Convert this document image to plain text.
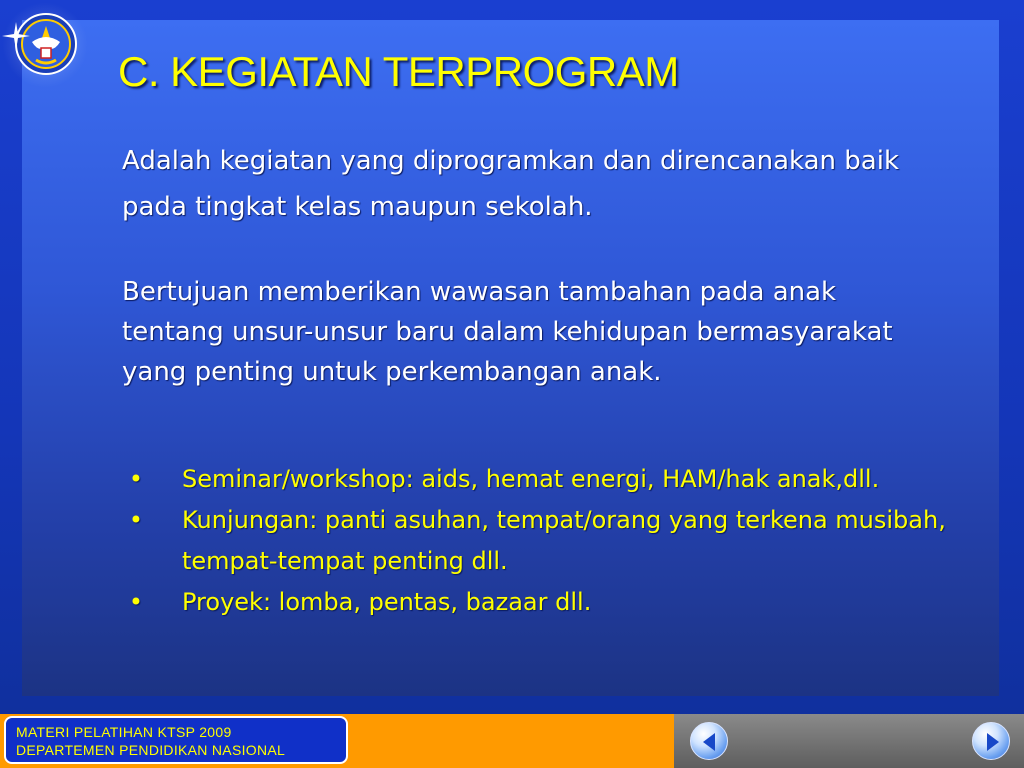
C. KEGIATAN TERPROGRAM

Adalah kegiatan yang diprogramkan dan direncanakan baik pada tingkat kelas maupun sekolah.

Bertujuan memberikan wawasan tambahan pada anak tentang unsur-unsur baru dalam kehidupan bermasyarakat yang penting untuk perkembangan anak.

• Seminar/workshop: aids, hemat energi, HAM/hak anak,dll.
• Kunjungan: panti asuhan, tempat/orang yang terkena musibah, tempat-tempat penting dll.
• Proyek: lomba, pentas, bazaar dll.
MATERI PELATIHAN KTSP 2009
DEPARTEMEN PENDIDIKAN NASIONAL
